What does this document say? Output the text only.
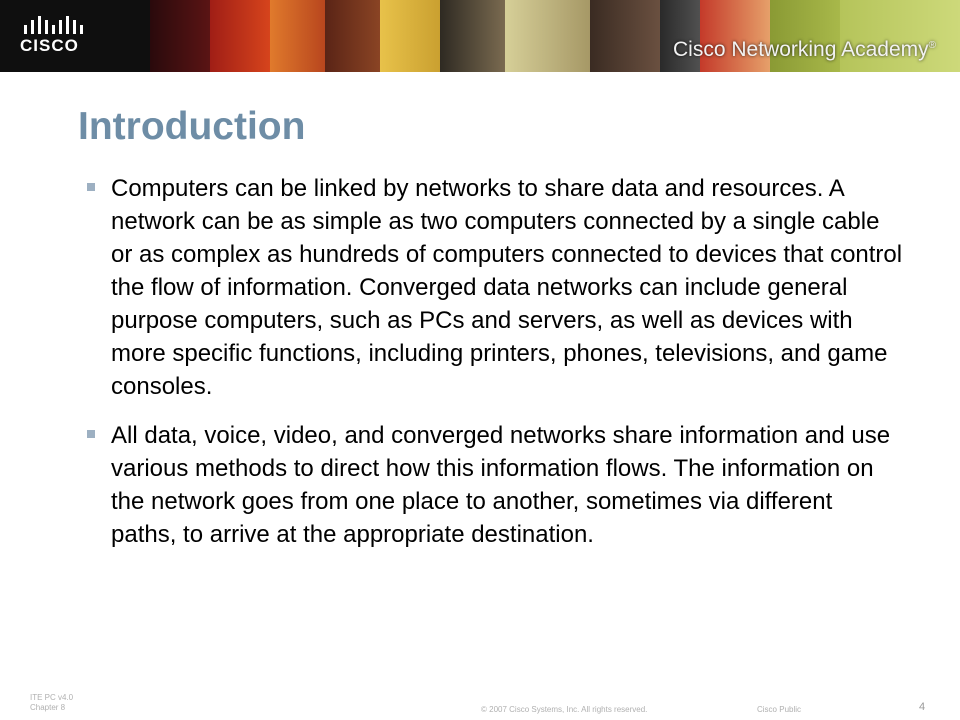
CISCO	Cisco Networking Academy®
Introduction
Computers can be linked by networks to share data and resources. A network can be as simple as two computers connected by a single cable or as complex as hundreds of computers connected to devices that control the flow of information. Converged data networks can include general purpose computers, such as PCs and servers, as well as devices with more specific functions, including printers, phones, televisions, and game consoles.
All data, voice, video, and converged networks share information and use various methods to direct how this information flows. The information on the network goes from one place to another, sometimes via different paths, to arrive at the appropriate destination.
ITE PC v4.0
Chapter 8	© 2007 Cisco Systems, Inc. All rights reserved.	Cisco Public	4
